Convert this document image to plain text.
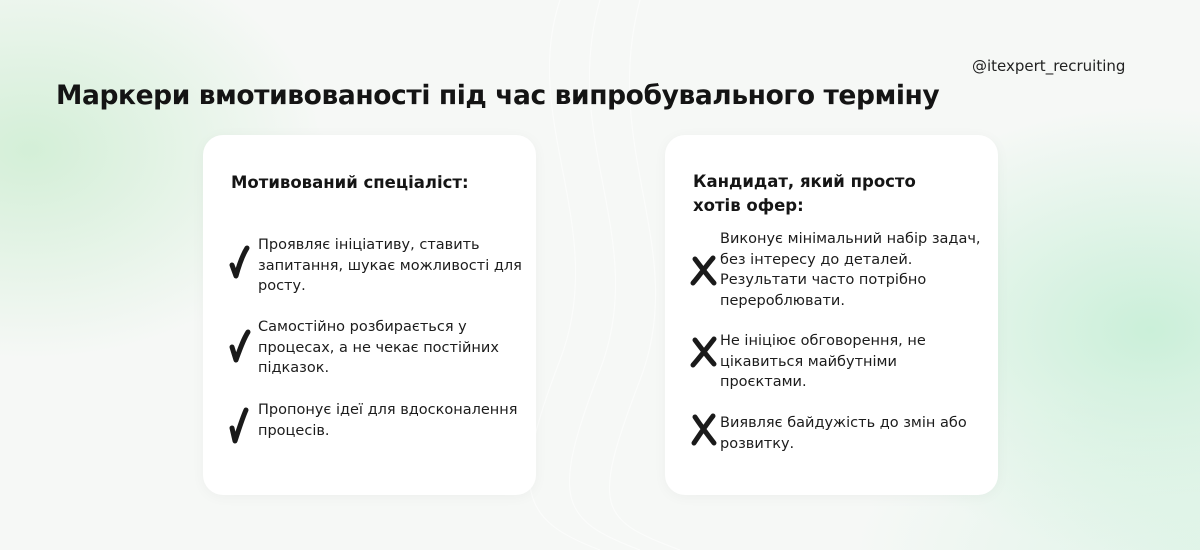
@itexpert_recruiting
Маркери вмотивованості під час випробувального терміну
Мотивований спеціаліст:
Проявляє ініціативу, ставить запитання, шукає можливості для росту.
Самостійно розбирається у процесах, а не чекає постійних підказок.
Пропонує ідеї для вдосконалення процесів.
Кандидат, який просто хотів офер:
Виконує мінімальний набір задач, без інтересу до деталей. Результати часто потрібно перероблювати.
Не ініціює обговорення, не цікавиться майбутніми проєктами.
Виявляє байдужість до змін або розвитку.
